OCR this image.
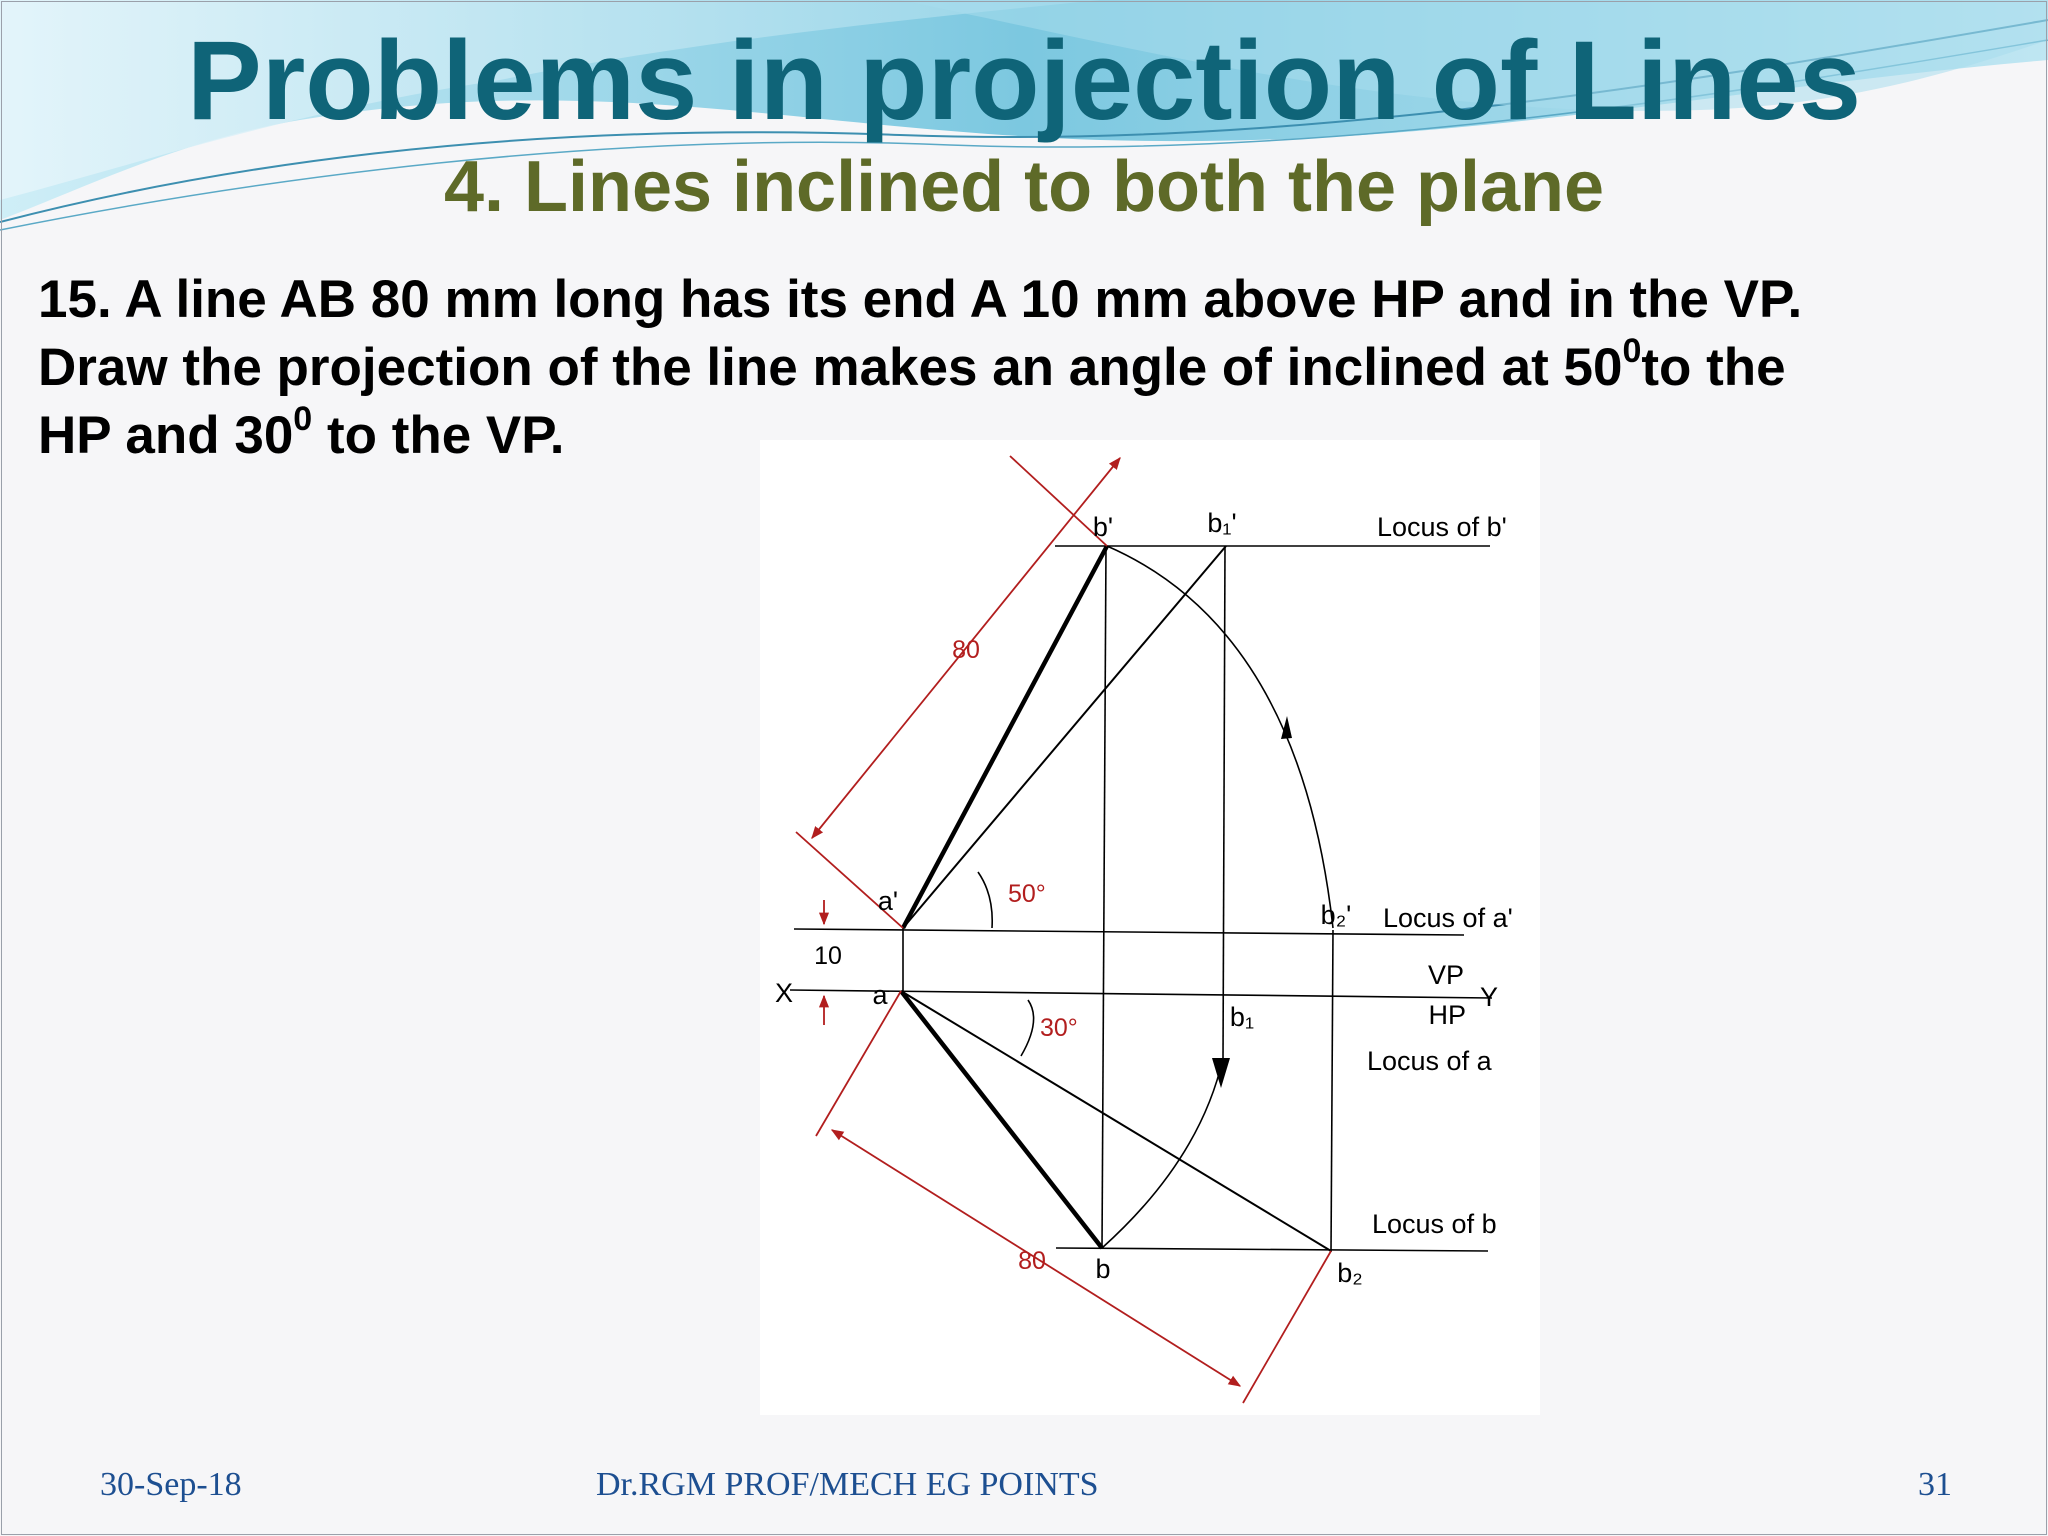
Problems in projection of Lines
4. Lines inclined to both the plane
15. A line AB 80 mm long has its end A 10 mm above HP and in the VP.
Draw the projection of the line makes an angle of inclined at $50^0to$ the
HP and $30^0$ to the VP.
b'	b₁'	Locus of b'
a'	b₂' Locus of a'
X	a
b₁
VP
HP
Y
Locus of a
Locus of b
b	b₂
80
50°
30°
80
10
30-Sep-18	Dr.RGM PROF/MECH EG POINTS	31
